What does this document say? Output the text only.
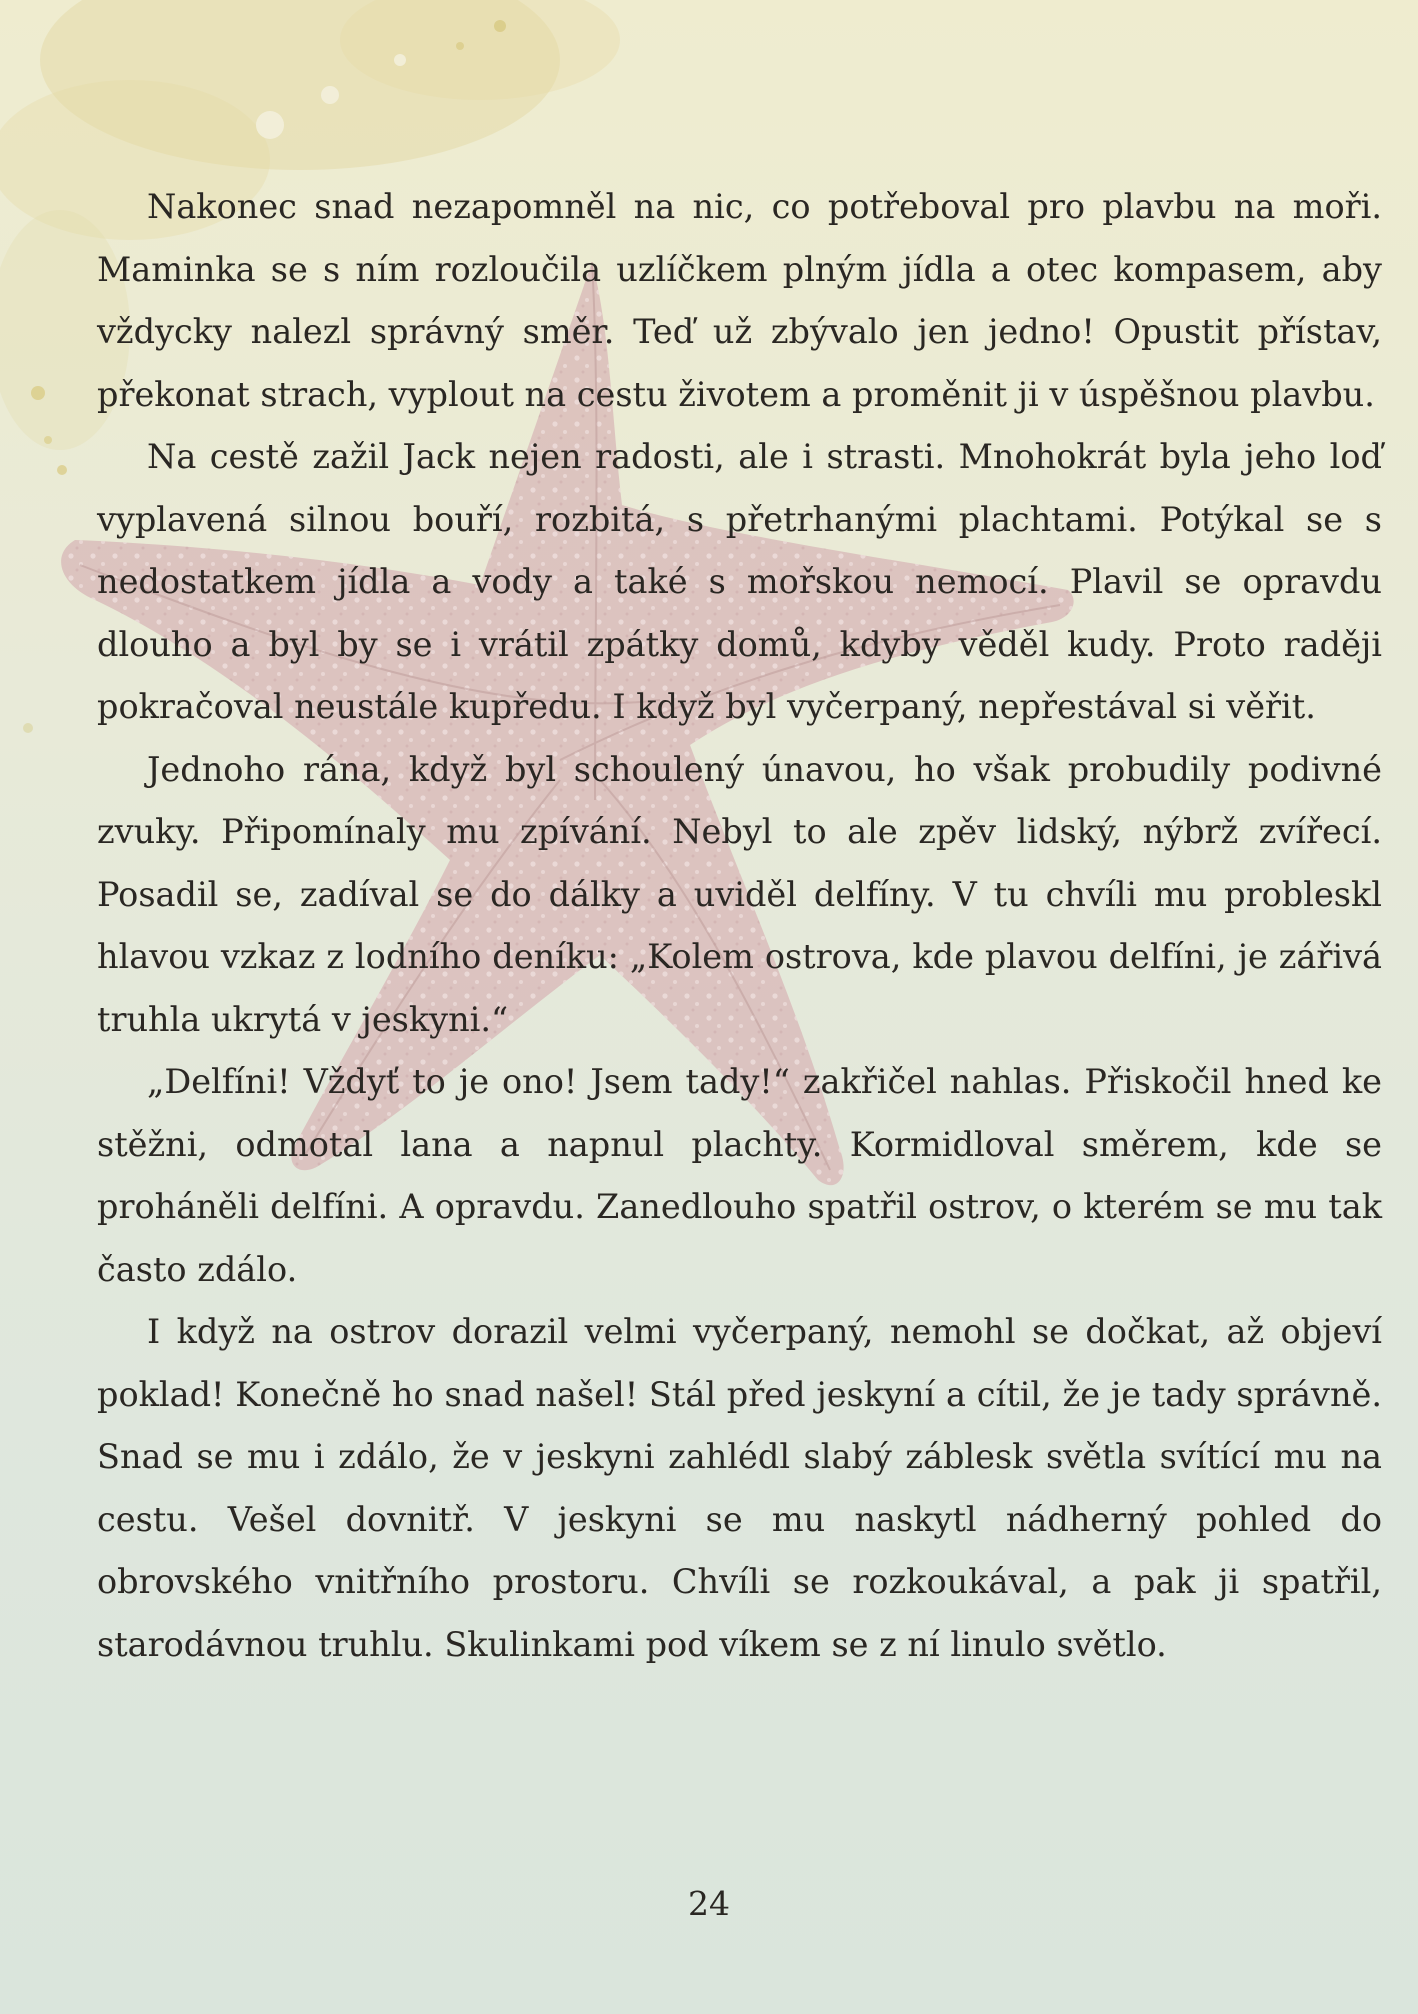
Nakonec snad nezapomněl na nic, co potřeboval pro plavbu na moři. Maminka se s ním rozloučila uzlíčkem plným jídla a otec kompasem, aby vždycky nalezl správný směr. Teď už zbývalo jen jedno! Opustit přístav, překonat strach, vyplout na cestu životem a proměnit ji v úspěšnou plavbu.

Na cestě zažil Jack nejen radosti, ale i strasti. Mnohokrát byla jeho loď vyplavená silnou bouří, rozbitá, s přetrhanými plachtami. Potýkal se s nedostatkem jídla a vody a také s mořskou nemocí. Plavil se opravdu dlouho a byl by se i vrátil zpátky domů, kdyby věděl kudy. Proto raději pokračoval neustále kupředu. I když byl vyčerpaný, nepřestával si věřit.

Jednoho rána, když byl schoulený únavou, ho však probudily podivné zvuky. Připomínaly mu zpívání. Nebyl to ale zpěv lidský, nýbrž zvířecí. Posadil se, zadíval se do dálky a uviděl delfíny. V tu chvíli mu probleskl hlavou vzkaz z lodního deníku: „Kolem ostrova, kde plavou delfíni, je zářivá truhla ukrytá v jeskyni.“

„Delfíni! Vždyť to je ono! Jsem tady!“ zakřičel nahlas. Přiskočil hned ke stěžni, odmotal lana a napnul plachty. Kormidloval směrem, kde se proháněli delfíni. A opravdu. Zanedlouho spatřil ostrov, o kterém se mu tak často zdálo.

I když na ostrov dorazil velmi vyčerpaný, nemohl se dočkat, až objeví poklad! Konečně ho snad našel! Stál před jeskyní a cítil, že je tady správně. Snad se mu i zdálo, že v jeskyni zahlédl slabý záblesk světla svítící mu na cestu. Vešel dovnitř. V jeskyni se mu naskytl nádherný pohled do obrovského vnitřního prostoru. Chvíli se rozkoukával, a pak ji spatřil, starodávnou truhlu. Skulinkami pod víkem se z ní linulo světlo.

24
